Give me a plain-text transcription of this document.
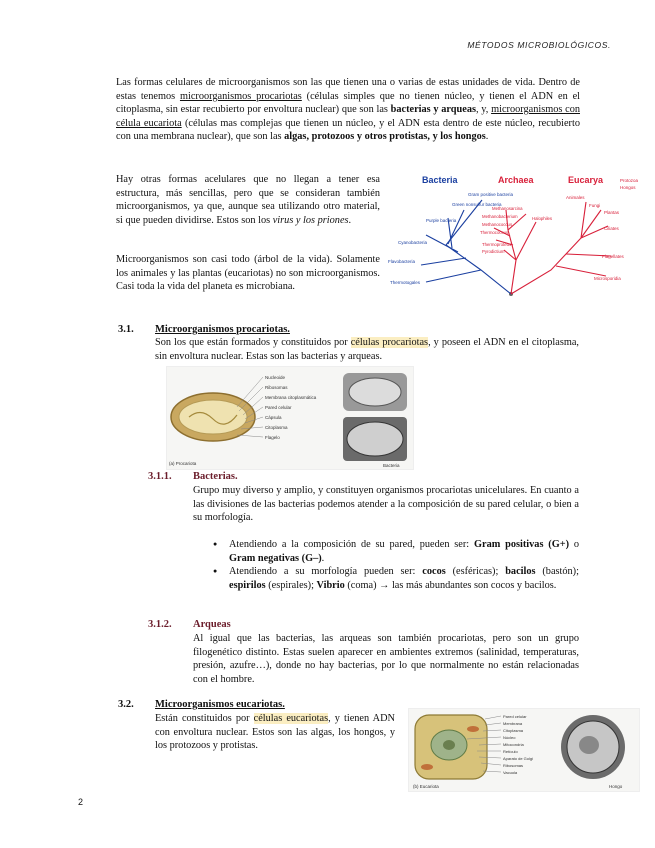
MÉTODOS MICROBIOLÓGICOS.

Las formas celulares de microorganismos son las que tienen una o varias de estas unidades de vida. Dentro de estas tenemos microorganismos procariotas (células simples que no tienen núcleo, y tienen el ADN en el citoplasma, sin estar recubierto por envoltura nuclear) que son las bacterias y arqueas, y, microorganismos con célula eucariota (células mas complejas que tienen un núcleo, y el ADN esta dentro de este núcleo, recubierto con una membrana nuclear), que son las algas, protozoos y otros protistas, y los hongos.

Hay otras formas acelulares que no llegan a tener esa estructura, más sencillas, pero que se consideran también microorganismos, ya que, aunque sea utilizando otro material, si que pueden dividirse. Estos son los virus y los priones.

Microorganismos son casi todo (árbol de la vida). Solamente los animales y las plantas (eucariotas) no son microorganismos. Casi toda la vida del planeta es microbiana.

Bacteria	Archaea	Eucarya	Protozoa
Hongos
Gram positive bacteria
Green nonsulfur bacteria
Purple bacteria
Cyanobacteria
Flavobacteria
Thermotogales
Methanosarcina
Methanobacterium
Methanococcus
Thermococcus
Thermoproteus
Pyrodictium
Halophiles
Animales
Fungi
Plantas
Ciliates
Flagellates
Microsporidia
3.1. Microorganismos procariotas.

Son los que están formados y constituidos por células procariotas, y poseen el ADN en el citoplasma, sin envoltura nuclear. Estas son las bacterias y arqueas.

Nucleoide
Ribosomas
Membrana citoplasmática
Pared celular
Cápsula
Citoplasma
Flagelo
(a) Procariota	Bacteria
3.1.1. Bacterias.

Grupo muy diverso y amplio, y constituyen organismos procariotas unicelulares. En cuanto a las divisiones de las bacterias podemos atender a la composición de su pared celular, o bien a su morfología.

● Atendiendo a la composición de su pared, pueden ser: Gram positivas (G+) o Gram negativas (G–).
● Atendiendo a su morfología pueden ser: cocos (esféricas); bacilos (bastón); espirilos (espirales); Vibrio (coma) → las más abundantes son cocos y bacilos.
3.1.2. Arqueas

Al igual que las bacterias, las arqueas son también procariotas, pero son un grupo filogenético distinto. Estas suelen aparecer en ambientes extremos (salinidad, temperaturas, presión, azufre…), donde no hay bacterias, por lo que normalmente no están relacionadas con el hombre.

3.2. Microorganismos eucariotas.

Están constituidos por células eucariotas, y tienen ADN con envoltura nuclear. Estos son las algas, los hongos, y los protozoos y protistas.

Pared celular
Membrana
Citoplasma
Núcleo
Mitocondria
Retículo
Aparato de Golgi
Ribosomas
Vacuola
(b) Eucariota	Hongo
2
